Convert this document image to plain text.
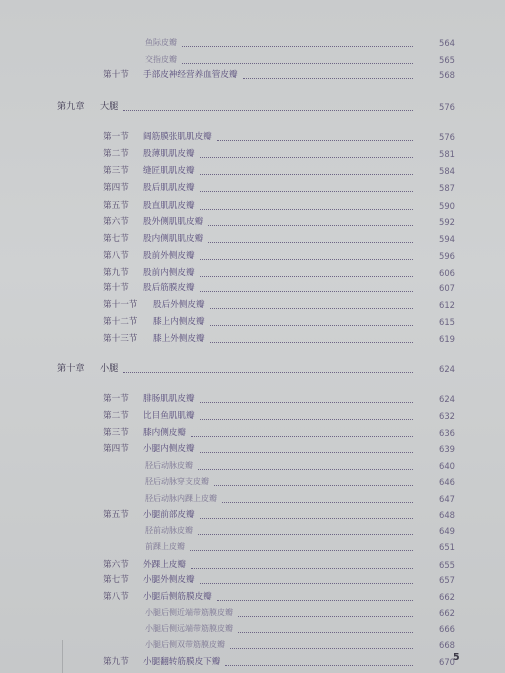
鱼际皮瓣	564
交指皮瓣	565
第十节 手部皮神经营养血管皮瓣	568
第九章 大腿	576
第一节 阔筋膜张肌肌皮瓣	576
第二节 股薄肌肌皮瓣	581
第三节 缝匠肌肌皮瓣	584
第四节 股后肌肌皮瓣	587
第五节 股直肌肌皮瓣	590
第六节 股外侧肌肌皮瓣	592
第七节 股内侧肌肌皮瓣	594
第八节 股前外侧皮瓣	596
第九节 股前内侧皮瓣	606
第十节 股后筋膜皮瓣	607
第十一节 股后外侧皮瓣	612
第十二节 膝上内侧皮瓣	615
第十三节 膝上外侧皮瓣	619
第十章 小腿	624
第一节 腓肠肌肌皮瓣	624
第二节 比目鱼肌肌瓣	632
第三节 膝内侧皮瓣	636
第四节 小腿内侧皮瓣	639
胫后动脉皮瓣	640
胫后动脉穿支皮瓣	646
胫后动脉内踝上皮瓣	647
第五节 小腿前部皮瓣	648
胫前动脉皮瓣	649
前踝上皮瓣	651
第六节 外踝上皮瓣	655
第七节 小腿外侧皮瓣	657
第八节 小腿后侧筋膜皮瓣	662
小腿后侧近端带筋膜皮瓣	662
小腿后侧远端带筋膜皮瓣	666
小腿后侧双带筋膜皮瓣	668
第九节 小腿翻转筋膜皮下瓣	670
5
